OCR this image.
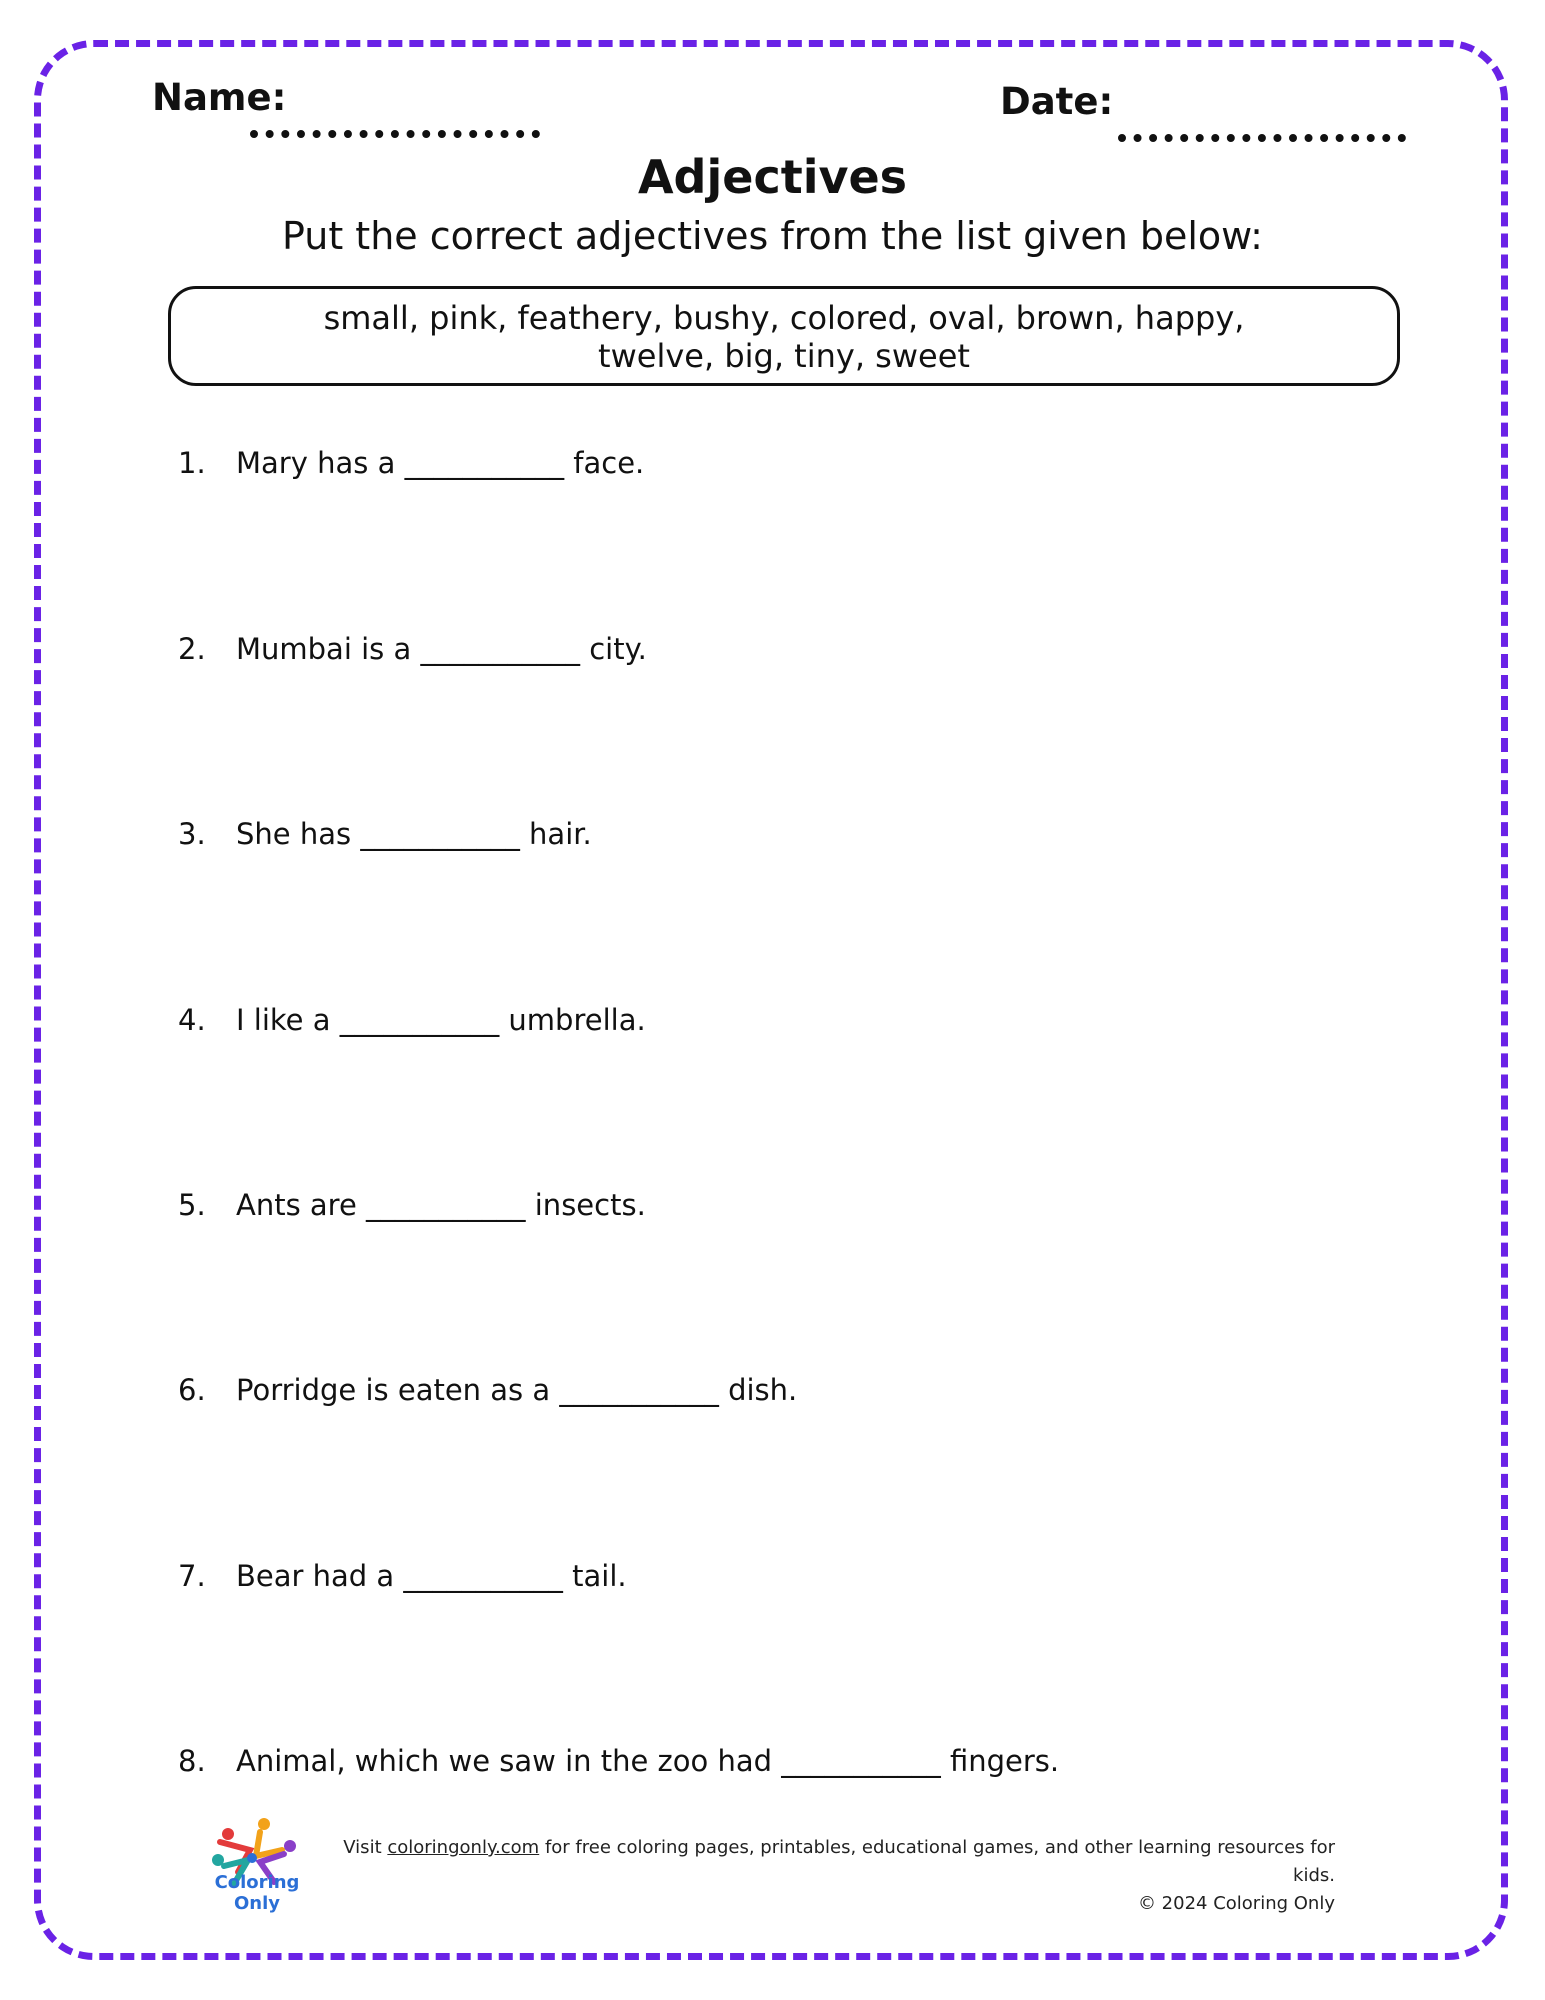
Name:	Date:
Adjectives
Put the correct adjectives from the list given below:
small, pink, feathery, bushy, colored, oval, brown, happy,
twelve, big, tiny, sweet
1. Mary has a ___________ face.
2. Mumbai is a ___________ city.
3. She has ___________ hair.
4. I like a ___________ umbrella.
5. Ants are ___________ insects.
6. Porridge is eaten as a ___________ dish.
7. Bear had a ___________ tail.
8. Animal, which we saw in the zoo had ___________ fingers.
Coloring Only
Visit coloringonly.com for free coloring pages, printables, educational games, and other learning resources for kids.
© 2024 Coloring Only
